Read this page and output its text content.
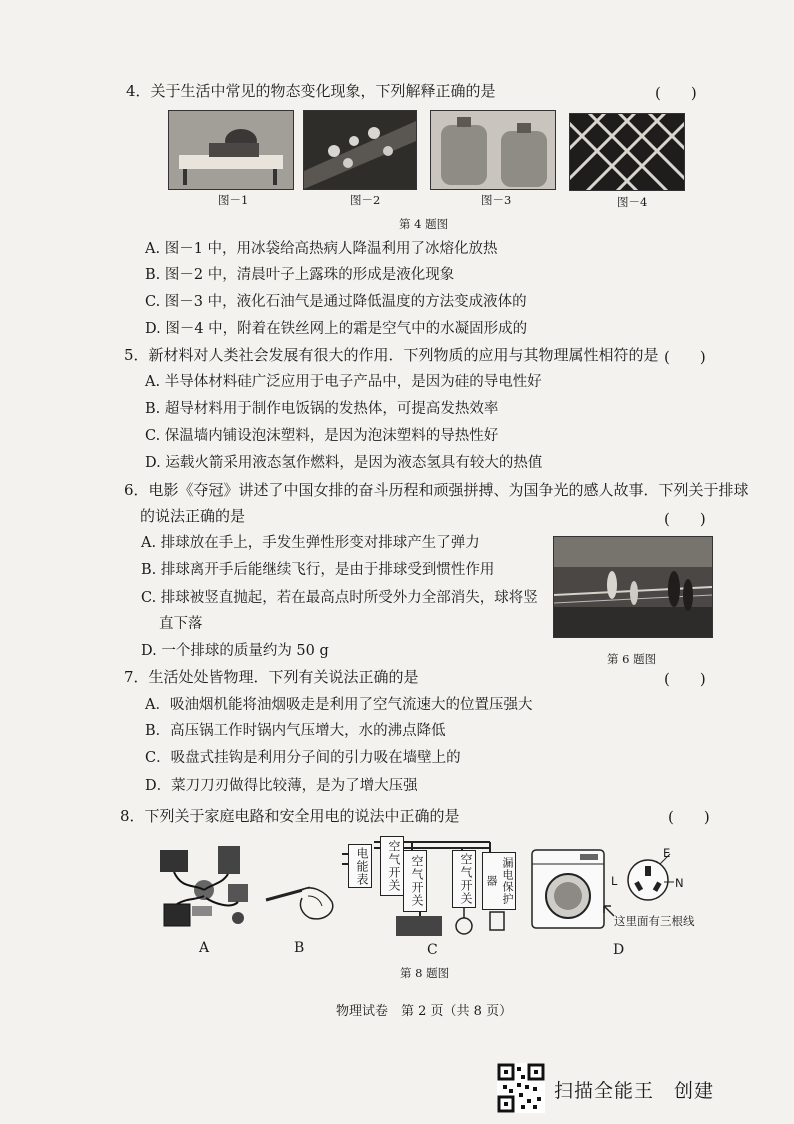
4．关于生活中常见的物态变化现象，下列解释正确的是	(　　)
图－1	图－2	图－3	图－4
第 4 题图
A. 图－1 中，用冰袋给高热病人降温利用了冰熔化放热
B. 图－2 中，清晨叶子上露珠的形成是液化现象
C. 图－3 中，液化石油气是通过降低温度的方法变成液体的
D. 图－4 中，附着在铁丝网上的霜是空气中的水凝固形成的
5．新材料对人类社会发展有很大的作用．下列物质的应用与其物理属性相符的是 (　　)
A. 半导体材料硅广泛应用于电子产品中，是因为硅的导电性好
B. 超导材料用于制作电饭锅的发热体，可提高发热效率
C. 保温墙内铺设泡沫塑料，是因为泡沫塑料的导热性好
D. 运载火箭采用液态氢作燃料，是因为液态氢具有较大的热值
6．电影《夺冠》讲述了中国女排的奋斗历程和顽强拼搏、为国争光的感人故事．下列关于排球
的说法正确的是	(　　)
A. 排球放在手上，手发生弹性形变对排球产生了弹力
B. 排球离开手后能继续飞行，是由于排球受到惯性作用
C. 排球被竖直抛起，若在最高点时所受外力全部消失，球将竖
直下落
D. 一个排球的质量约为 50 g	第 6 题图
7．生活处处皆物理．下列有关说法正确的是	(　　)
A．吸油烟机能将油烟吸走是利用了空气流速大的位置压强大
B．高压锅工作时锅内气压增大，水的沸点降低
C．吸盘式挂钩是利用分子间的引力吸在墙壁上的
D．菜刀刀刃做得比较薄，是为了增大压强
8．下列关于家庭电路和安全用电的说法中正确的是	(　　)
电能表	空气开关 空气开关	空气开关	漏电保护器
E
L	N
这里面有三根线
A	B	C	D
第 8 题图
物理试卷　第 2 页（共 8 页）
扫描全能王　创建
